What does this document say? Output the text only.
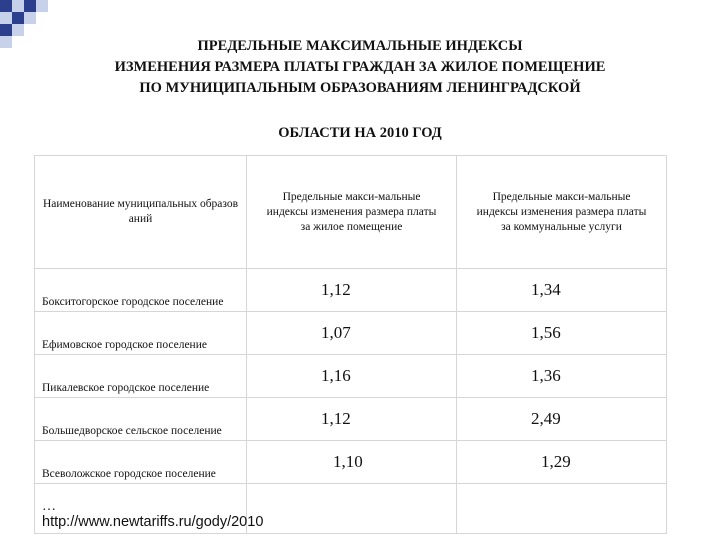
ПРЕДЕЛЬНЫЕ МАКСИМАЛЬНЫЕ ИНДЕКСЫ
ИЗМЕНЕНИЯ РАЗМЕРА ПЛАТЫ ГРАЖДАН ЗА ЖИЛОЕ ПОМЕЩЕНИЕ
ПО МУНИЦИПАЛЬНЫМ ОБРАЗОВАНИЯМ ЛЕНИНГРАДСКОЙ
ОБЛАСТИ НА 2010 ГОД
Наименование муниципальных образов аний	Предельные макси-мальные индексы изменения размера платы за жилое помещение	Предельные макси-мальные индексы изменения размера платы за коммунальные услуги

Бокситогорское городское поселение	1,12	1,34
Ефимовское городское поселение	1,07	1,56
Пикалевское городское поселение	1,16	1,36
Большедворское сельское поселение	1,12	2,49
Всеволожское городское поселение	1,10	1,29

…
http://www.newtariffs.ru/gody/2010		
